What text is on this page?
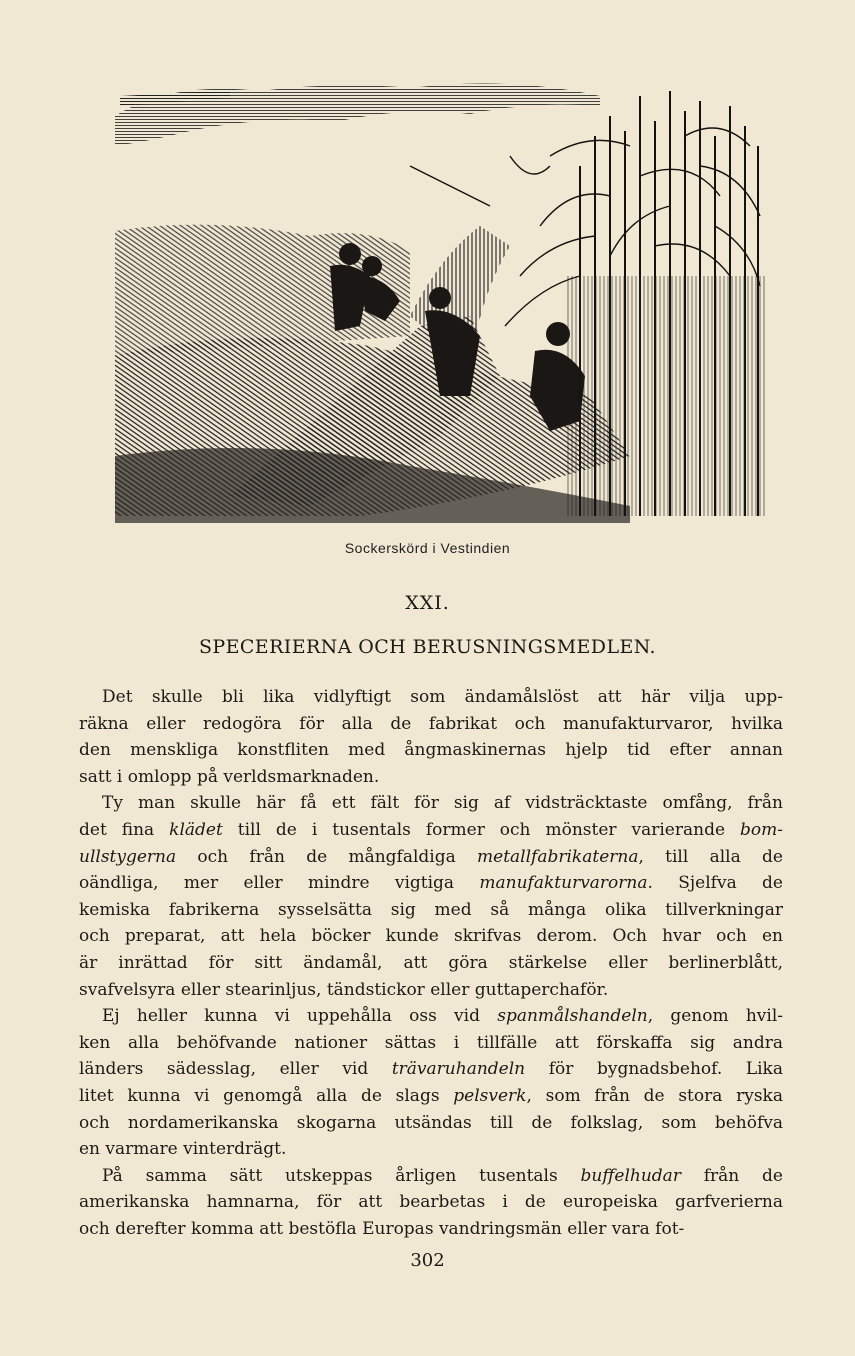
Sockerskörd i Vestindien
XXI.
SPECERIERNA OCH BERUSNINGSMEDLEN.
Det skulle bli lika vidlyftigt som ändamålslöst att här vilja upp-
räkna eller redogöra för alla de fabrikat och manufakturvaror, hvilka
den menskliga konstfliten med ångmaskinernas hjelp tid efter annan
satt i omlopp på verldsmarknaden.
Ty man skulle här få ett fält för sig af vidsträcktaste omfång, från
det fina klädet till de i tusentals former och mönster varierande bom-
ullstygerna och från de mångfaldiga metallfabrikaterna, till alla de
oändliga, mer eller mindre vigtiga manufakturvarorna. Sjelfva de
kemiska fabrikerna sysselsätta sig med så många olika tillverkningar
och preparat, att hela böcker kunde skrifvas derom. Och hvar och en
är inrättad för sitt ändamål, att göra stärkelse eller berlinerblått,
svafvelsyra eller stearinljus, tändstickor eller guttaperchaför.
Ej heller kunna vi uppehålla oss vid spanmålshandeln, genom hvil-
ken alla behöfvande nationer sättas i tillfälle att förskaffa sig andra
länders sädesslag, eller vid trävaruhandeln för bygnadsbehof. Lika
litet kunna vi genomgå alla de slags pelsverk, som från de stora ryska
och nordamerikanska skogarna utsändas till de folkslag, som behöfva
en varmare vinterdrägt.
På samma sätt utskeppas årligen tusentals buffelhudar från de
amerikanska hamnarna, för att bearbetas i de europeiska garfverierna
och derefter komma att bestöfla Europas vandringsmän eller vara fot-
302
